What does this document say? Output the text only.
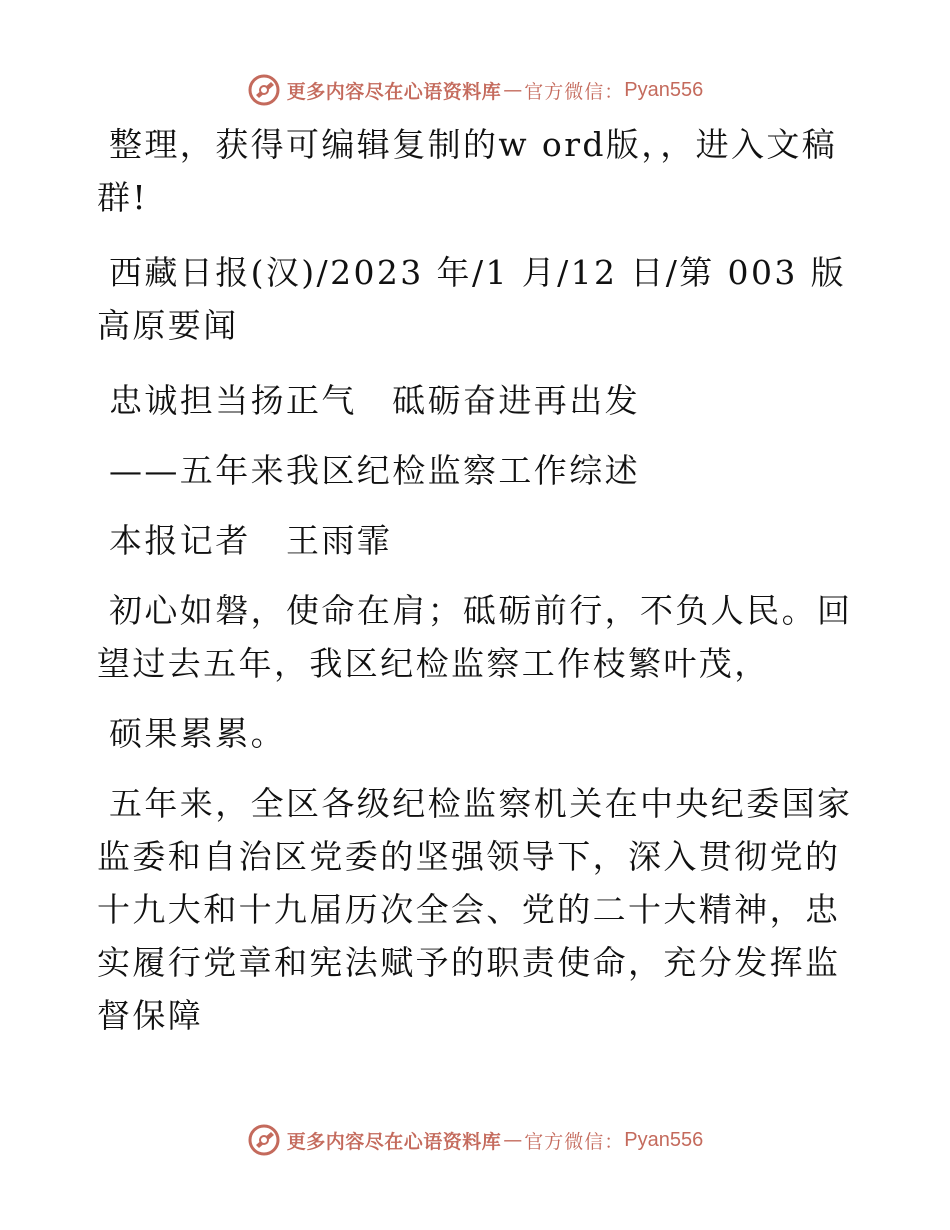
更多内容尽在心语资料库 — 官方微信： Pyan556

整理，获得可编辑复制的w ord版，，进入文稿群!

西藏日报(汉)/2023 年/1 月/12 日/第 003 版高原要闻

忠诚担当扬正气　砥砺奋进再出发

——五年来我区纪检监察工作综述

本报记者　王雨霏

初心如磐，使命在肩；砥砺前行，不负人民。回望过去五年，我区纪检监察工作枝繁叶茂，

硕果累累。

五年来，全区各级纪检监察机关在中央纪委国家监委和自治区党委的坚强领导下，深入贯彻党的十九大和十九届历次全会、党的二十大精神，忠实履行党章和宪法赋予的职责使命，充分发挥监督保障

更多内容尽在心语资料库 — 官方微信： Pyan556
